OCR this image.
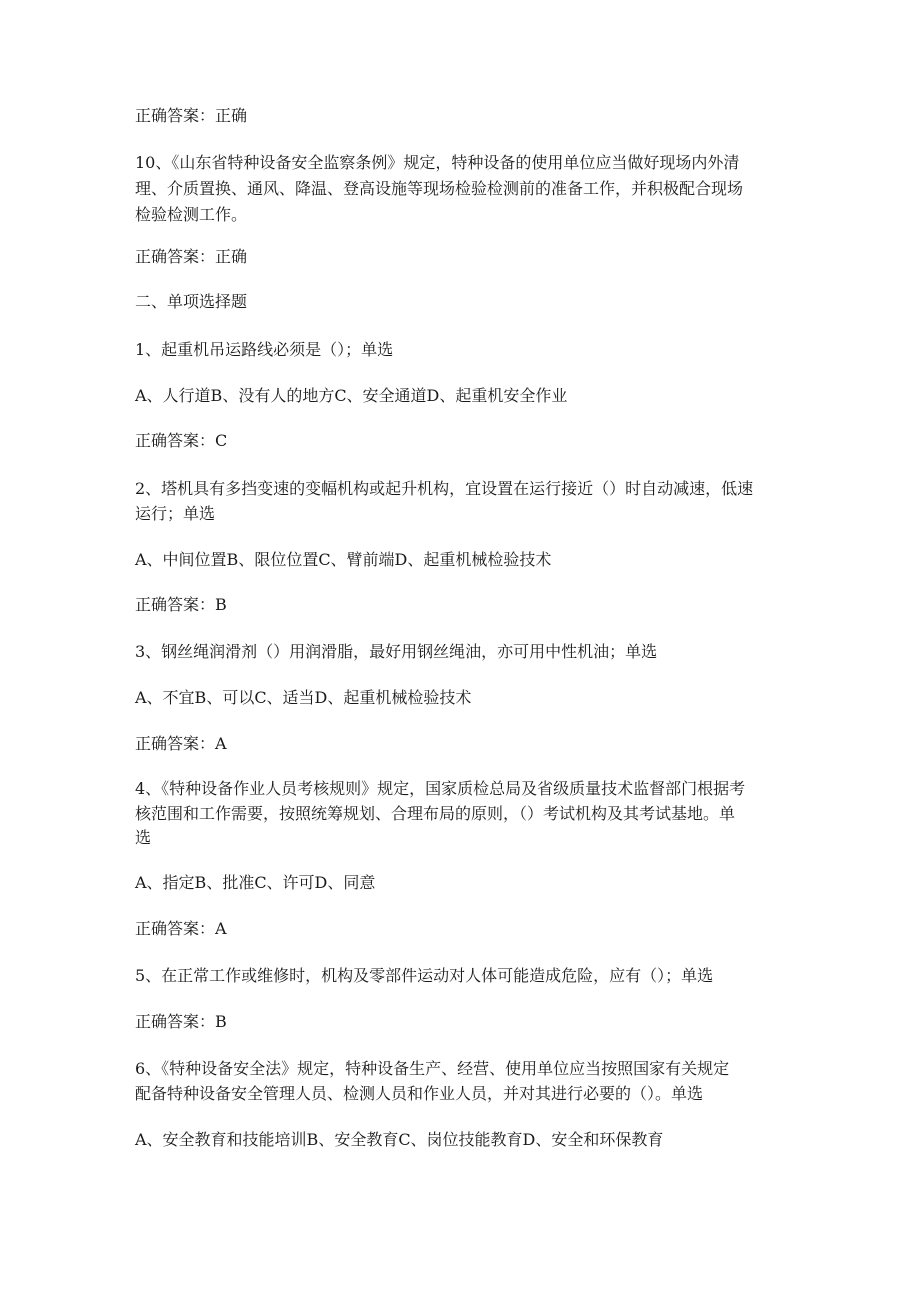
正确答案：正确

10、《山东省特种设备安全监察条例》规定，特种设备的使用单位应当做好现场内外清

理、介质置换、通风、降温、登高设施等现场检验检测前的准备工作，并积极配合现场

检验检测工作。

正确答案：正确

二、单项选择题

1、起重机吊运路线必须是（）；单选

A、人行道B、没有人的地方C、安全通道D、起重机安全作业

正确答案：C

2、塔机具有多挡变速的变幅机构或起升机构，宜设置在运行接近（）时自动减速，低速

运行；单选

A、中间位置B、限位位置C、臂前端D、起重机械检验技术

正确答案：B

3、钢丝绳润滑剂（）用润滑脂，最好用钢丝绳油，亦可用中性机油；单选

A、不宜B、可以C、适当D、起重机械检验技术

正确答案：A

4、《特种设备作业人员考核规则》规定，国家质检总局及省级质量技术监督部门根据考

核范围和工作需要，按照统筹规划、合理布局的原则，（）考试机构及其考试基地。单

选

A、指定B、批准C、许可D、同意

正确答案：A

5、在正常工作或维修时，机构及零部件运动对人体可能造成危险，应有（）；单选

正确答案：B

6、《特种设备安全法》规定，特种设备生产、经营、使用单位应当按照国家有关规定

配备特种设备安全管理人员、检测人员和作业人员，并对其进行必要的（）。单选

A、安全教育和技能培训B、安全教育C、岗位技能教育D、安全和环保教育
